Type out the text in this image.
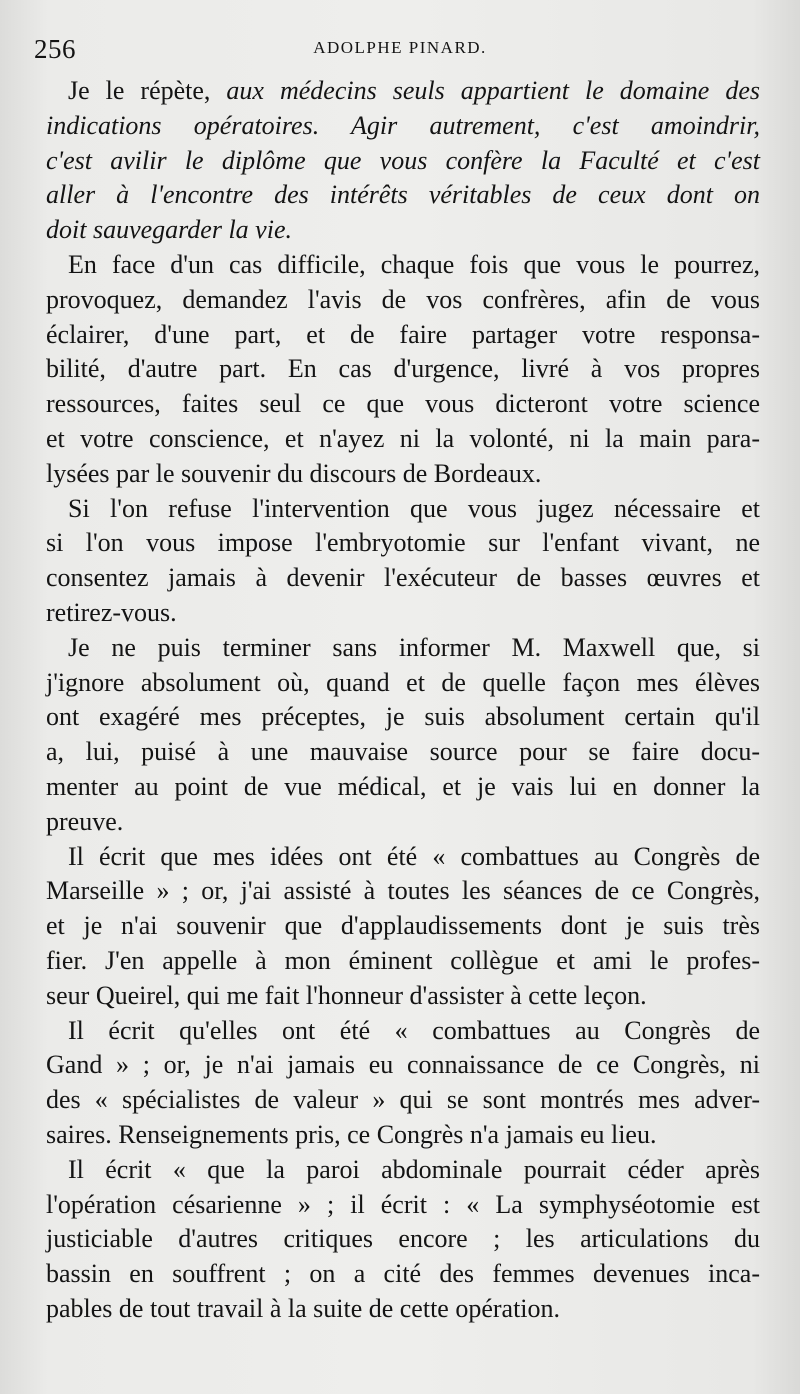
256	ADOLPHE PINARD.
Je le répète, aux médecins seuls appartient le domaine des
indications opératoires. Agir autrement, c'est amoindrir,
c'est avilir le diplôme que vous confère la Faculté et c'est
aller à l'encontre des intérêts véritables de ceux dont on
doit sauvegarder la vie.
En face d'un cas difficile, chaque fois que vous le pourrez,
provoquez, demandez l'avis de vos confrères, afin de vous
éclairer, d'une part, et de faire partager votre responsa-
bilité, d'autre part. En cas d'urgence, livré à vos propres
ressources, faites seul ce que vous dicteront votre science
et votre conscience, et n'ayez ni la volonté, ni la main para-
lysées par le souvenir du discours de Bordeaux.
Si l'on refuse l'intervention que vous jugez nécessaire et
si l'on vous impose l'embryotomie sur l'enfant vivant, ne
consentez jamais à devenir l'exécuteur de basses œuvres et
retirez-vous.
Je ne puis terminer sans informer M. Maxwell que, si
j'ignore absolument où, quand et de quelle façon mes élèves
ont exagéré mes préceptes, je suis absolument certain qu'il
a, lui, puisé à une mauvaise source pour se faire docu-
menter au point de vue médical, et je vais lui en donner la
preuve.
Il écrit que mes idées ont été « combattues au Congrès de
Marseille » ; or, j'ai assisté à toutes les séances de ce Congrès,
et je n'ai souvenir que d'applaudissements dont je suis très
fier. J'en appelle à mon éminent collègue et ami le profes-
seur Queirel, qui me fait l'honneur d'assister à cette leçon.
Il écrit qu'elles ont été « combattues au Congrès de
Gand » ; or, je n'ai jamais eu connaissance de ce Congrès, ni
des « spécialistes de valeur » qui se sont montrés mes adver-
saires. Renseignements pris, ce Congrès n'a jamais eu lieu.
Il écrit « que la paroi abdominale pourrait céder après
l'opération césarienne » ; il écrit : « La symphyséotomie est
justiciable d'autres critiques encore ; les articulations du
bassin en souffrent ; on a cité des femmes devenues inca-
pables de tout travail à la suite de cette opération.
